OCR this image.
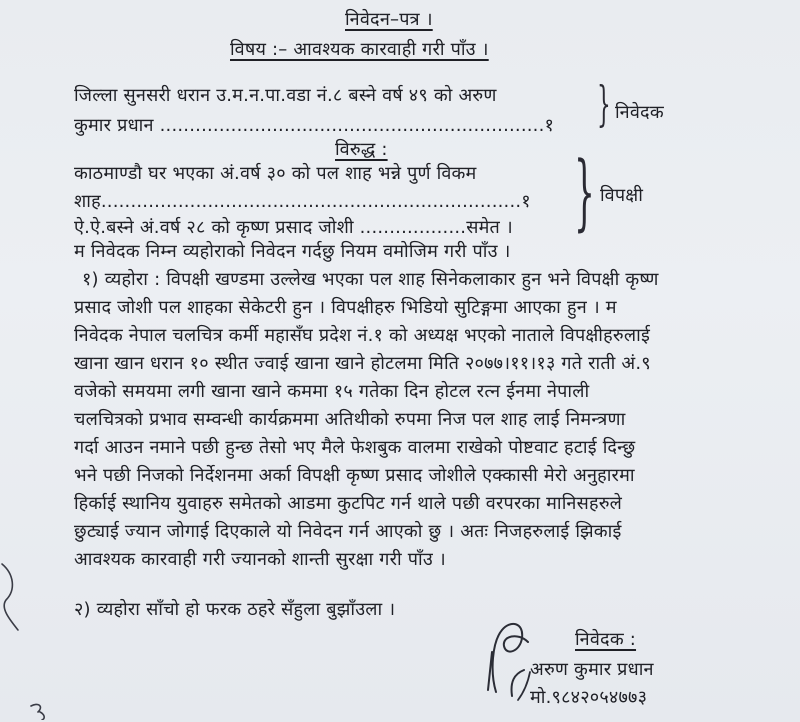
निवेदन–पत्र ।
विषय :– आवश्यक कारवाही गरी पाँउ ।
जिल्ला सुनसरी धरान उ.म.न.पा.वडा नं.८ बस्ने वर्ष ४९ को अरुण
कुमार प्रधान .................................................................१ } निवेदक
विरुद्ध :
काठमाण्डौ घर भएका अं.वर्ष ३० को पल शाह भन्ने पुर्ण विकम
शाह.......................................................................१
ऐ.ऐ.बस्ने अं.वर्ष २८ को कृष्ण प्रसाद जोशी ..................समेत । } विपक्षी
म निवेदक निम्न व्यहोराको निवेदन गर्दछु नियम वमोजिम गरी पाँउ ।
१) व्यहोरा : विपक्षी खण्डमा उल्लेख भएका पल शाह सिनेकलाकार हुन भने विपक्षी कृष्ण
प्रसाद जोशी पल शाहका सेकेटरी हुन । विपक्षीहरु भिडियो सुटिङ्गमा आएका हुन । म
निवेदक नेपाल चलचित्र कर्मी महासँघ प्रदेश नं.१ को अध्यक्ष भएको नाताले विपक्षीहरुलाई
खाना खान धरान १० स्थीत ज्वाई खाना खाने होटलमा मिति २०७७।११।१३ गते राती अं.९
वजेको समयमा लगी खाना खाने कममा १५ गतेका दिन होटल रत्न ईनमा नेपाली
चलचित्रको प्रभाव सम्वन्धी कार्यक्रममा अतिथीको रुपमा निज पल शाह लाई निमन्त्रणा
गर्दा आउन नमाने पछी हुन्छ तेसो भए मैले फेशबुक वालमा राखेको पोष्टवाट हटाई दिन्छु
भने पछी निजको निर्देशनमा अर्का विपक्षी कृष्ण प्रसाद जोशीले एक्कासी मेरो अनुहारमा
हिर्काई स्थानिय युवाहरु समेतको आडमा कुटपिट गर्न थाले पछी वरपरका मानिसहरुले
छुट्याई ज्यान जोगाई दिएकाले यो निवेदन गर्न आएको छु । अतः निजहरुलाई झिकाई
आवश्यक कारवाही गरी ज्यानको शान्ती सुरक्षा गरी पाँउ ।
२) व्यहोरा साँचो हो फरक ठहरे सँहुला बुझाँउला ।
निवेदक :
अरुण कुमार प्रधान
मो.९८४२०५४७७३
